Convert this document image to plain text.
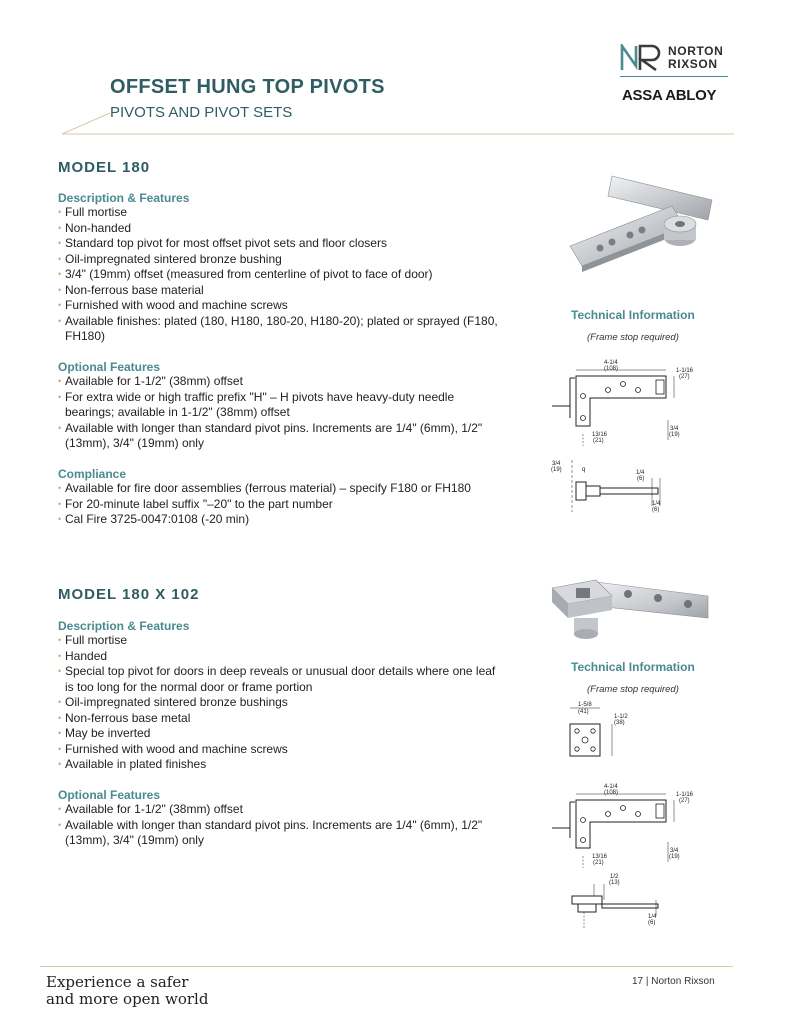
NORTON
RIXSON
ASSA ABLOY
OFFSET HUNG TOP PIVOTS
PIVOTS AND PIVOT SETS
MODEL 180
Description & Features
• Full mortise
• Non-handed
• Standard top pivot for most offset pivot sets and floor closers
• Oil-impregnated sintered bronze bushing
• 3/4" (19mm) offset (measured from centerline of pivot to face of door)
• Non-ferrous base material
• Furnished with wood and machine screws
• Available finishes: plated (180, H180, 180-20, H180-20); plated or sprayed (F180, FH180)
Optional Features
• Available for 1-1/2" (38mm) offset
• For extra wide or high traffic prefix "H" – H pivots have heavy-duty needle bearings; available in 1-1/2" (38mm) offset
• Available with longer than standard pivot pins. Increments are 1/4" (6mm), 1/2" (13mm), 3/4" (19mm) only
Compliance
• Available for fire door assemblies (ferrous material) – specify F180 or FH180
• For 20-minute label suffix "–20" to the part number
• Cal Fire 3725-0047:0108 (-20 min)
Technical Information
(Frame stop required)
4-1/4
(108)	1-1/16
(27)
13/16
(21)
3/4
(19)
3/4
(19)	q	1/4
(6)
1/4
(6)
MODEL 180 X 102
Description & Features
• Full mortise
• Handed
• Special top pivot for doors in deep reveals or unusual door details where one leaf is too long for the normal door or frame portion
• Oil-impregnated sintered bronze bushings
• Non-ferrous base metal
• May be inverted
• Furnished with wood and machine screws
• Available in plated finishes
Optional Features
• Available for 1-1/2" (38mm) offset
• Available with longer than standard pivot pins. Increments are 1/4" (6mm), 1/2" (13mm), 3/4" (19mm) only
Technical Information
(Frame stop required)
1-5/8
(41)
1-1/2
(38)
4-1/4
(108)	1-1/16
(27)
13/16
(21)
3/4
(19)
1/2
(13)
1/4
(6)
Experience a safer
and more open world
17 | Norton Rixson
